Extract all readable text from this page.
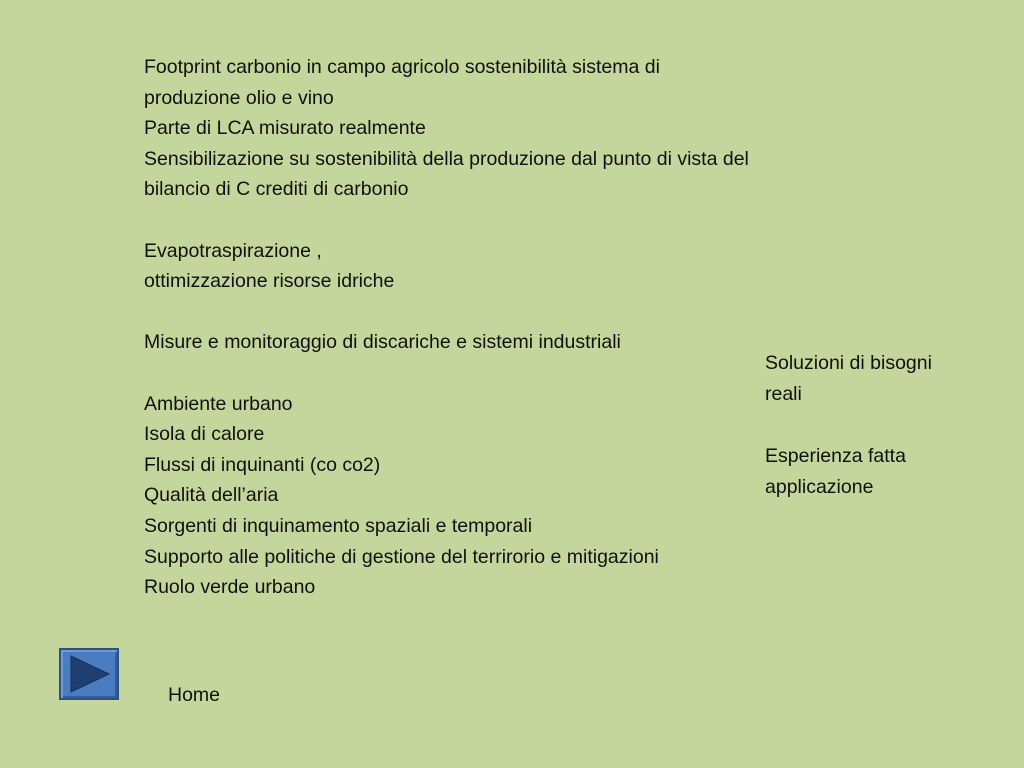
Footprint carbonio in campo agricolo sostenibilità sistema di
produzione olio e vino
Parte di LCA misurato realmente
Sensibilizazione su sostenibilità della produzione dal punto di vista del
bilancio di C crediti di carbonio
Evapotraspirazione ,
ottimizzazione risorse idriche
Misure e monitoraggio di discariche e sistemi industriali
Ambiente urbano
Isola di calore
Flussi di inquinanti (co co2)
Qualità dell’aria
Sorgenti di inquinamento spaziali e temporali
Supporto alle politiche di gestione del terrirorio e mitigazioni
Ruolo verde urbano
Soluzioni di bisogni
reali
Esperienza fatta
applicazione
Home
